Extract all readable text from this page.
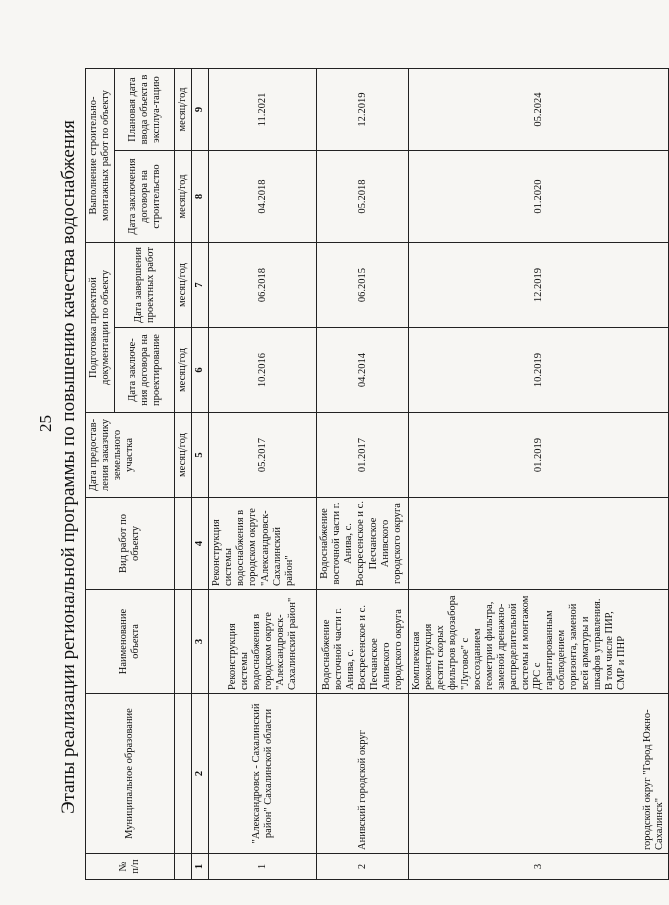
25 Этапы реализации региональной программы по повышению качества водоснабжения
№ п/п	Муниципальное образование	Наименование объекта	Вид работ по объекту	Дата предостав-ления заказчику земельного участка	Подготовка проектной документации по объекту		Выполнение строительно-монтажных работ по объекту	
					Дата заключе-ния договора на проектирование	Дата завершения проектных работ	Дата заключения договора на строительство	Плановая дата ввода объекта в эксплуа-тацию
				месяц/год	месяц/год	месяц/год	месяц/год	месяц/год
1	2	3	4	5	6	7	8	9
1	"Александровск - Сахалинский район" Сахалинской области	Реконструкция системы водоснабжения в городском округе "Александровск-Сахалинский район"	Реконструкция системы водоснабжения в городском округе "Александровск-Сахалинский район"	05.2017	10.2016	06.2018	04.2018	11.2021
2	Анивский городской округ	Водоснабжение восточной части г. Анива, с. Воскресенское и с. Песчанское Анивского городского округа	Водоснабжение восточной части г. Анива, с. Воскресенское и с. Песчанское Анивского городского округа	01.2017	04.2014	06.2015	05.2018	12.2019
3	городской округ "Город Южно-Сахалинск"	Комплексная реконструкция десяти скорых фильтров водозабора "Луговое" с воссозданием геометрии фильтра, заменой дренажно-распределительной системы и монтажом ДРС с гарантированным соблюдением горизонта, заменой всей арматуры и шкафов управления. В том числе ПИР, СМР и ПНР		01.2019	10.2019	12.2019	01.2020	05.2024
